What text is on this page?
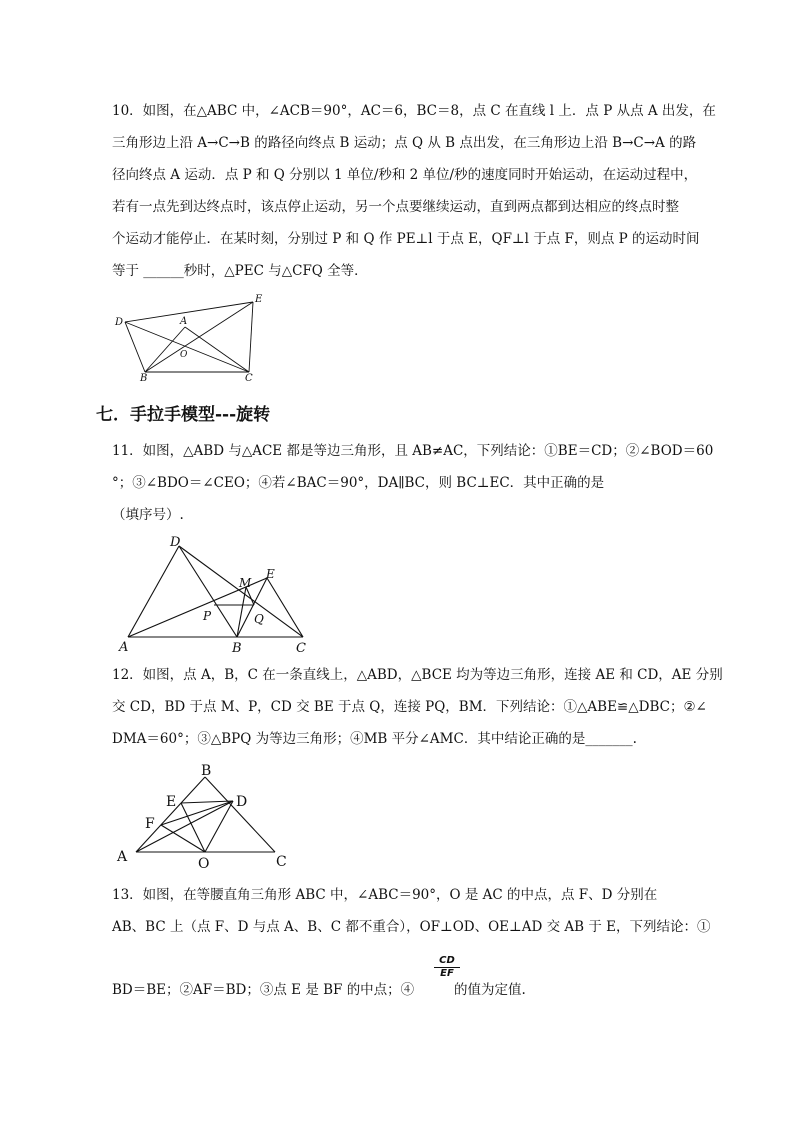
10．如图，在△ABC 中，∠ACB＝90°，AC＝6，BC＝8，点 C 在直线 l 上．点 P 从点 A 出发，在
三角形边上沿 A→C→B 的路径向终点 B 运动；点 Q 从 B 点出发，在三角形边上沿 B→C→A 的路
径向终点 A 运动．点 P 和 Q 分别以 1 单位/秒和 2 单位/秒的速度同时开始运动，在运动过程中，
若有一点先到达终点时，该点停止运动，另一个点要继续运动，直到两点都到达相应的终点时整
个运动才能停止．在某时刻，分别过 P 和 Q 作 PE⊥l 于点 E，QF⊥l 于点 F，则点 P 的运动时间
等于 ______秒时，△PEC 与△CFQ 全等．
D	A
E
O
B	C
七．手拉手模型---旋转
11．如图，△ABD 与△ACE 都是等边三角形，且 AB≠AC，下列结论：①BE＝CD；②∠BOD＝60
°；③∠BDO＝∠CEO；④若∠BAC＝90°，DA∥BC，则 BC⊥EC．其中正确的是
（填序号）.
D
M
E
P	Q
A	B	C
12．如图，点 A，B，C 在一条直线上，△ABD，△BCE 均为等边三角形，连接 AE 和 CD，AE 分别
交 CD，BD 于点 M、P，CD 交 BE 于点 Q，连接 PQ，BM．下列结论：①△ABE≌△DBC；②∠
DMA＝60°；③△BPQ 为等边三角形；④MB 平分∠AMC．其中结论正确的是_______.
B
E	D
F
A	O	C
13．如图，在等腰直角三角形 ABC 中，∠ABC＝90°，O 是 AC 的中点，点 F、D 分别在
AB、BC 上（点 F、D 与点 A、B、C 都不重合），OF⊥OD、OE⊥AD 交 AB 于 E，下列结论：①
BD＝BE；②AF＝BD；③点 E 是 BF 的中点；④
$\frac{CD}{EF}$
的值为定值.
